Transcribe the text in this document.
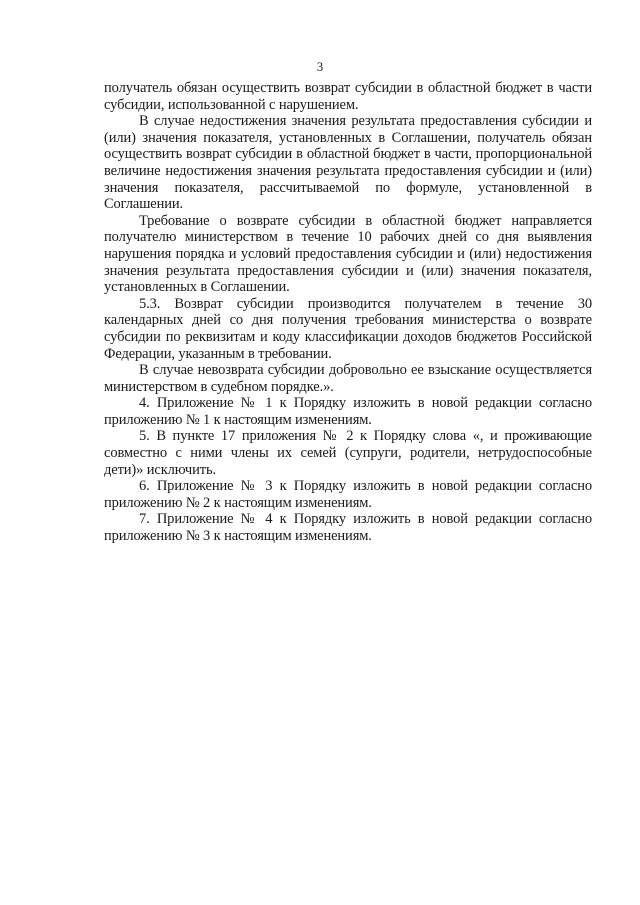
3

получатель обязан осуществить возврат субсидии в областной бюджет в части субсидии, использованной с нарушением.

В случае недостижения значения результата предоставления субсидии и (или) значения показателя, установленных в Соглашении, получатель обязан осуществить возврат субсидии в областной бюджет в части, пропорциональной величине недостижения значения результата предоставления субсидии и (или) значения показателя, рассчитываемой по формуле, установленной в Соглашении.

Требование о возврате субсидии в областной бюджет направляется получателю министерством в течение 10 рабочих дней со дня выявления нарушения порядка и условий предоставления субсидии и (или) недостижения значения результата предоставления субсидии и (или) значения показателя, установленных в Соглашении.

5.3. Возврат субсидии производится получателем в течение 30 календарных дней со дня получения требования министерства о возврате субсидии по реквизитам и коду классификации доходов бюджетов Российской Федерации, указанным в требовании.

В случае невозврата субсидии добровольно ее взыскание осуществляется министерством в судебном порядке.».

4. Приложение № 1 к Порядку изложить в новой редакции согласно приложению № 1 к настоящим изменениям.

5. В пункте 17 приложения № 2 к Порядку слова «, и проживающие совместно с ними члены их семей (супруги, родители, нетрудоспособные дети)» исключить.

6. Приложение № 3 к Порядку изложить в новой редакции согласно приложению № 2 к настоящим изменениям.

7. Приложение № 4 к Порядку изложить в новой редакции согласно приложению № 3 к настоящим изменениям.
